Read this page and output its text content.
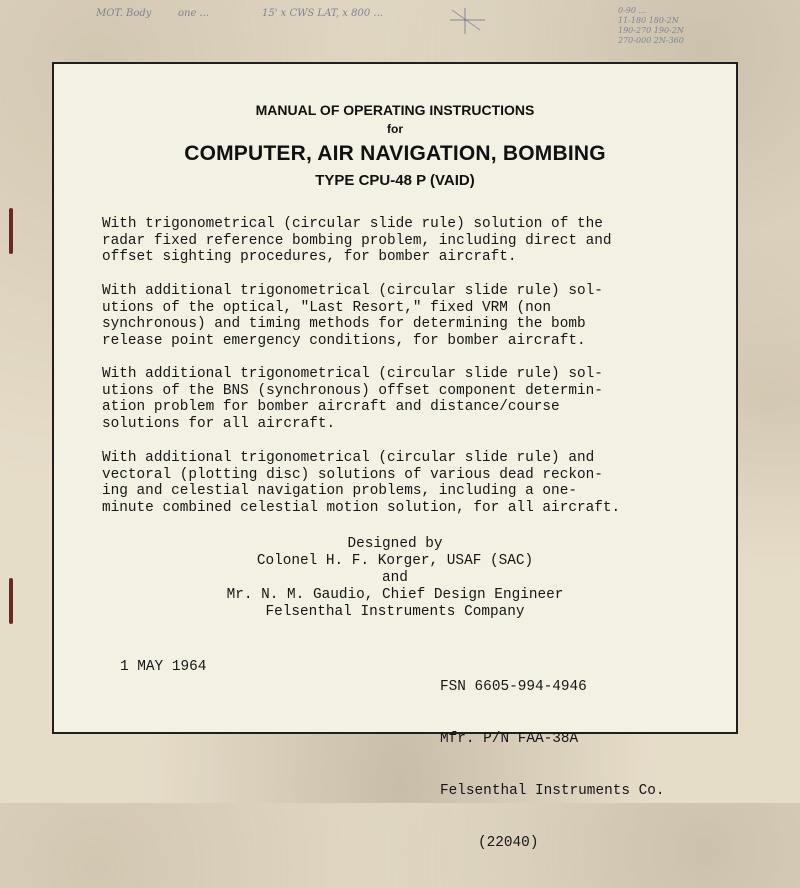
MOT. Body	one ...	15' x CWS LAT, x 800 ...	0-90 ...
11-180 180-2N
190-270 190-2N
270-000 2N-360
MANUAL OF OPERATING INSTRUCTIONS
for
COMPUTER, AIR NAVIGATION, BOMBING
TYPE CPU-48 P (VAID)
With trigonometrical (circular slide rule) solution of the
radar fixed reference bombing problem, including direct and
offset sighting procedures, for bomber aircraft.
With additional trigonometrical (circular slide rule) sol-
utions of the optical, "Last Resort," fixed VRM (non
synchronous) and timing methods for determining the bomb
release point emergency conditions, for bomber aircraft.
With additional trigonometrical (circular slide rule) sol-
utions of the BNS (synchronous) offset component determin-
ation problem for bomber aircraft and distance/course
solutions for all aircraft.
With additional trigonometrical (circular slide rule) and
vectoral (plotting disc) solutions of various dead reckon-
ing and celestial navigation problems, including a one-
minute combined celestial motion solution, for all aircraft.
Designed by
Colonel H. F. Korger, USAF (SAC)
and
Mr. N. M. Gaudio, Chief Design Engineer
Felsenthal Instruments Company
1 MAY 1964

FSN 6605-994-4946

Mfr. P/N FAA-38A

Felsenthal Instruments Co.

(22040)
